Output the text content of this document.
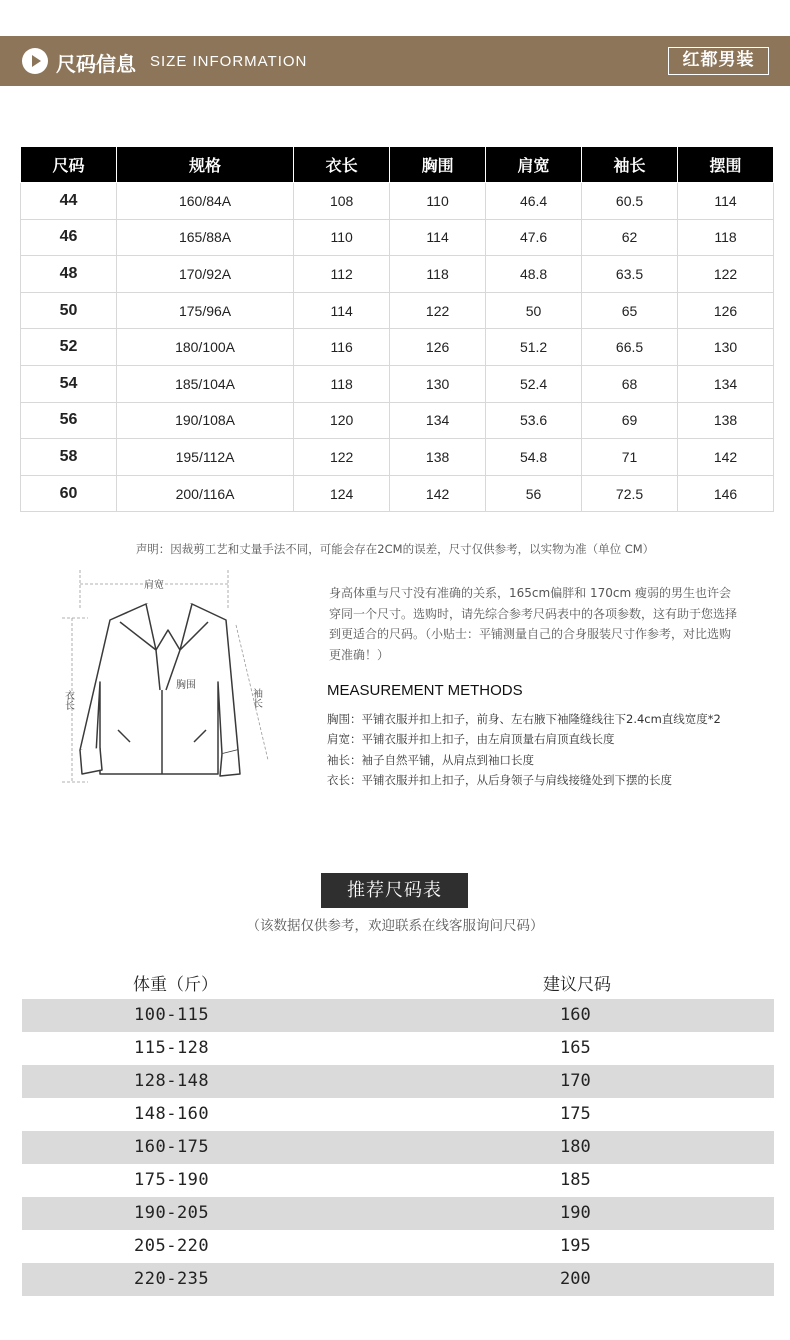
尺码信息 SIZE INFORMATION	红都男装
尺码	规格	衣长	胸围	肩宽	袖长	摆围
44	160/84A	108	110	46.4	60.5	114
46	165/88A	110	114	47.6	62	118
48	170/92A	112	118	48.8	63.5	122
50	175/96A	114	122	50	65	126
52	180/100A	116	126	51.2	66.5	130
54	185/104A	118	130	52.4	68	134
56	190/108A	120	134	53.6	69	138
58	195/112A	122	138	54.8	71	142
60	200/116A	124	142	56	72.5	146
声明：因裁剪工艺和丈量手法不同，可能会存在2CM的误差，尺寸仅供参考，以实物为准（单位 CM）
肩宽
胸围
衣长	袖长
身高体重与尺寸没有准确的关系，165cm偏胖和 170cm 瘦弱的男生也许会穿同一个尺寸。选购时，请先综合参考尺码表中的各项参数，这有助于您选择到更适合的尺码。（小贴士：平铺测量自己的合身服装尺寸作参考，对比选购更准确！）
MEASUREMENT METHODS
胸围：平铺衣服并扣上扣子，前身、左右腋下袖隆缝线往下2.4cm直线宽度*2
肩宽：平铺衣服并扣上扣子，由左肩顶量右肩顶直线长度
袖长：袖子自然平铺，从肩点到袖口长度
衣长：平铺衣服并扣上扣子，从后身领子与肩线接缝处到下摆的长度
推荐尺码表
（该数据仅供参考，欢迎联系在线客服询问尺码）
体重（斤）	建议尺码
100-115	160
115-128	165
128-148	170
148-160	175
160-175	180
175-190	185
190-205	190
205-220	195
220-235	200
